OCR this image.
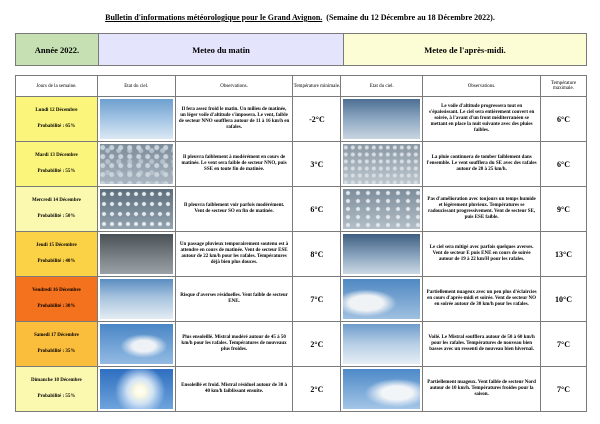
Bulletin d'informations météorologique pour le Grand Avignon. (Semaine du 12 Décembre au 18 Décembre 2022).
Année 2022.	Meteo du matin	Meteo de l'après-midi.
Jours de la semaine.	Etat du ciel.	Observations.	Température minimale.	Etat du ciel.	Observations.	Température maximale.

Lundi 12 Décembre
Probabilité : 65%		Il fera assez froid le matin. Un milieu de matinée, un léger voile d'altitude s'imposera. Le vent, faible de secteur NNO soufflera autour de 11 à 16 km/h en rafales.	-2°C		Le voile d'altitude progressera tout en s'épaississant. Le ciel sera entièrement couvert en soirée, à l'avant d'un front méditerranéen se mettant en place la nuit suivante avec des pluies faibles.	6°C

Mardi 13 Décembre
Probabilité : 55%		Il pleuvra faiblement à modérément en cours de matinée. Le vent sera faible de secteur NNO, puis SSE en toute fin de matinée.	3°C		La pluie continuera de tomber faiblement dans l'ensemble. Le vent soufflera du SE avec des rafales autour de 20 à 25 km/h.	6°C

Mercredi 14 Décembre
Probabilité : 50%		Il pleuvra faiblement voir parfois modérément. Vent de secteur SO en fin de matinée.	6°C		Pas d'amélioration avec toujours un temps humide et légèrement pluvieux. Températures se radoucissant progressivement. Vent de secteur SE, puis ESE faible.	9°C

Jeudi 15 Décembre
Probabilité : 40%		Un passage pluvieux temporairement soutenu est à attendre en cours de matinée. Vent de secteur ESE autour de 22 km/h pour les rafales. Températures déjà bien plus douces.	8°C		Le ciel sera mitigé avec parfois quelques averses. Vent de secteur E puis ENE en cours de soirée autour de 19 à 22 km/H pour les rafales.	13°C

Vendredi 16 Décembre
Probabilité : 30%		Risque d'averses résiduelles. Vent faible de secteur ENE.	7°C		Partiellement nuageux avec un peu plus d'éclaircies en cours d'après-midi et soirée. Vent de secteur NO en soirée autour de 30 km/h pour les rafales.	10°C

Samedi 17 Décembre
Probabilité : 35%		Plus ensoleillé. Mistral modéré autour de 45 à 50 km/h pour les rafales. Températures de nouveaux plus froides.	2°C		Voilé. Le Mistral soufflera autour de 50 à 60 km/h pour les rafales. Températures de nouveau bien basses avec un ressenti de nouveau bien hivernal.	7°C

Dimanche 18 Décembre
Probabilité : 55%		Ensoleillé et froid. Mistral résiduel autour de 30 à 40 km/h faiblissant ensuite.	2°C		Partiellement nuageux. Vent faible de secteur Nord autour de 10 km/h. Températures froides pour la saison.	7°C
